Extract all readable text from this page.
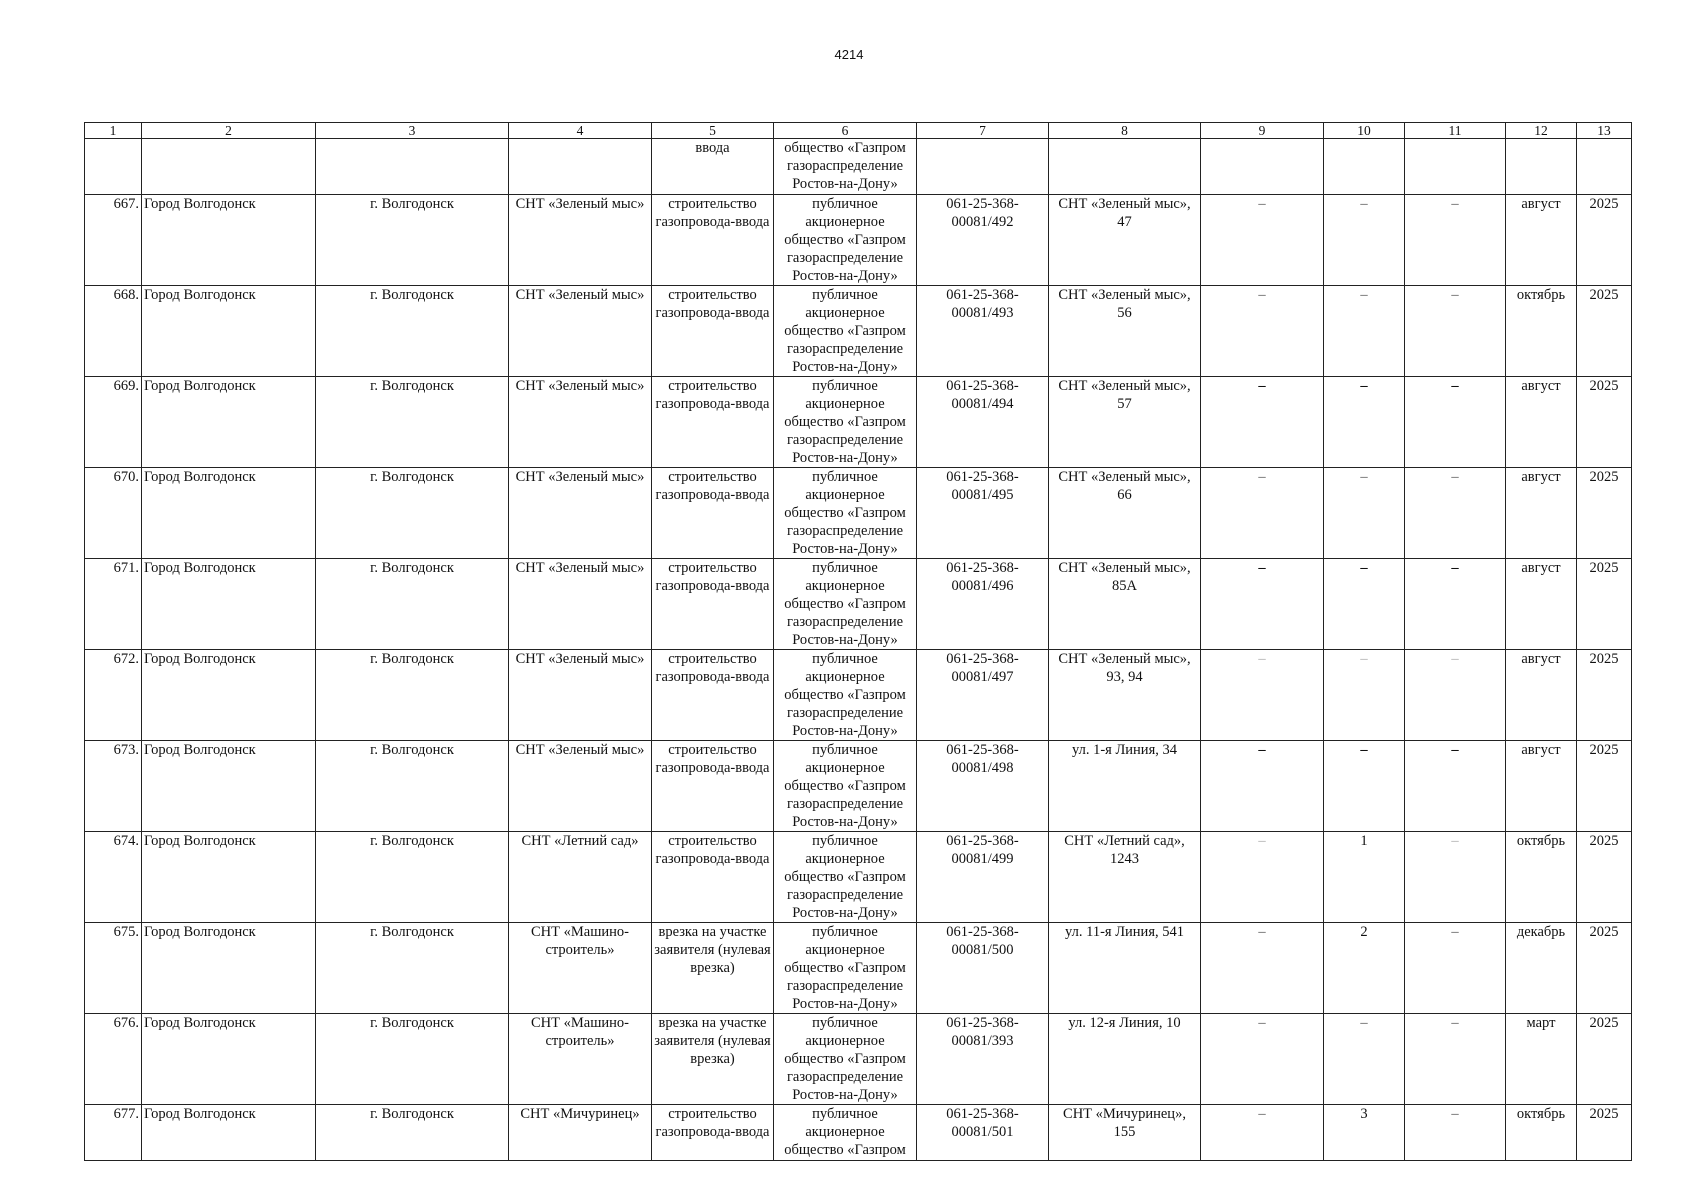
4214
1	2	3	4	5	6	7	8	9	10	11	12	13
				ввода	общество «Газпром газораспределение Ростов-на-Дону»							
667.	Город Волгодонск	г. Волгодонск	СНТ «Зеленый мыс»	строительство газопровода-ввода	публичное акционерное общество «Газпром газораспределение Ростов-на-Дону»	061-25-368-00081/492	СНТ «Зеленый мыс», 47	–	–	–	август	2025
668.	Город Волгодонск	г. Волгодонск	СНТ «Зеленый мыс»	строительство газопровода-ввода	публичное акционерное общество «Газпром газораспределение Ростов-на-Дону»	061-25-368-00081/493	СНТ «Зеленый мыс», 56	–	–	–	октябрь	2025
669.	Город Волгодонск	г. Волгодонск	СНТ «Зеленый мыс»	строительство газопровода-ввода	публичное акционерное общество «Газпром газораспределение Ростов-на-Дону»	061-25-368-00081/494	СНТ «Зеленый мыс», 57	–	–	–	август	2025
670.	Город Волгодонск	г. Волгодонск	СНТ «Зеленый мыс»	строительство газопровода-ввода	публичное акционерное общество «Газпром газораспределение Ростов-на-Дону»	061-25-368-00081/495	СНТ «Зеленый мыс», 66	–	–	–	август	2025
671.	Город Волгодонск	г. Волгодонск	СНТ «Зеленый мыс»	строительство газопровода-ввода	публичное акционерное общество «Газпром газораспределение Ростов-на-Дону»	061-25-368-00081/496	СНТ «Зеленый мыс», 85А	–	–	–	август	2025
672.	Город Волгодонск	г. Волгодонск	СНТ «Зеленый мыс»	строительство газопровода-ввода	публичное акционерное общество «Газпром газораспределение Ростов-на-Дону»	061-25-368-00081/497	СНТ «Зеленый мыс», 93, 94	–	–	–	август	2025
673.	Город Волгодонск	г. Волгодонск	СНТ «Зеленый мыс»	строительство газопровода-ввода	публичное акционерное общество «Газпром газораспределение Ростов-на-Дону»	061-25-368-00081/498	ул. 1-я Линия, 34	–	–	–	август	2025
674.	Город Волгодонск	г. Волгодонск	СНТ «Летний сад»	строительство газопровода-ввода	публичное акционерное общество «Газпром газораспределение Ростов-на-Дону»	061-25-368-00081/499	СНТ «Летний сад», 1243	–	1	–	октябрь	2025
675.	Город Волгодонск	г. Волгодонск	СНТ «Машино-строитель»	врезка на участке заявителя (нулевая врезка)	публичное акционерное общество «Газпром газораспределение Ростов-на-Дону»	061-25-368-00081/500	ул. 11-я Линия, 541	–	2	–	декабрь	2025
676.	Город Волгодонск	г. Волгодонск	СНТ «Машино-строитель»	врезка на участке заявителя (нулевая врезка)	публичное акционерное общество «Газпром газораспределение Ростов-на-Дону»	061-25-368-00081/393	ул. 12-я Линия, 10	–	–	–	март	2025
677.	Город Волгодонск	г. Волгодонск	СНТ «Мичуринец»	строительство газопровода-ввода	публичное акционерное общество «Газпром	061-25-368-00081/501	СНТ «Мичуринец», 155	–	3	–	октябрь	2025
